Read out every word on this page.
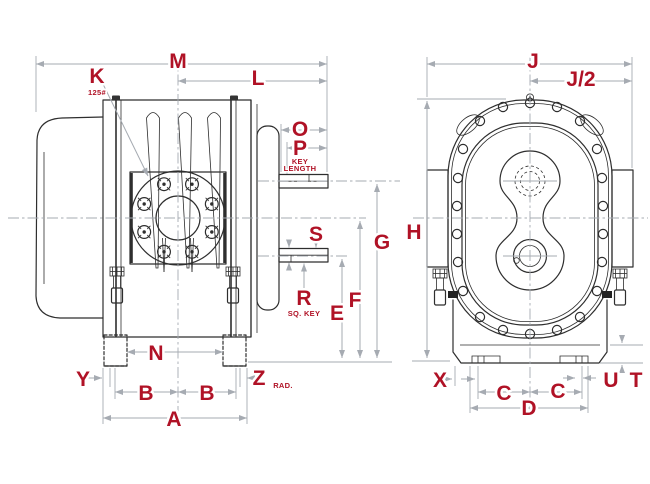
M
K
125#
L
O
P
KEY
LENGTH
S G
R
SQ. KEY
F
E
N
Y	Z RAD.
B B
A
J
J/2
H
X
C C
D
U T
